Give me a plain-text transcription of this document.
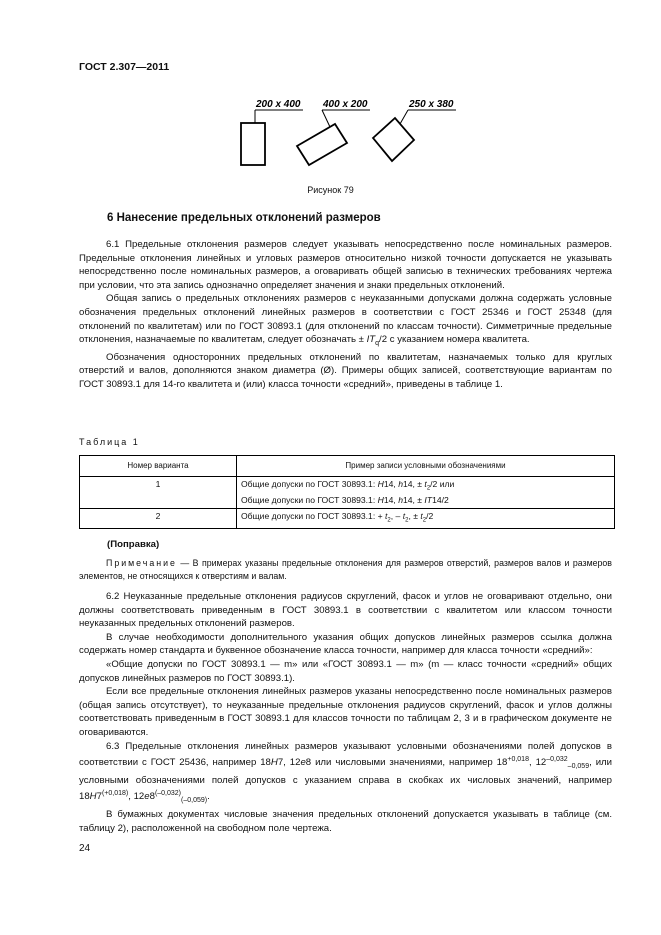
ГОСТ 2.307—2011
200 х 400 400 х 200	250 х 380
Рисунок 79
6 Нанесение предельных отклонений размеров

6.1 Предельные отклонения размеров следует указывать непосредственно после номинальных размеров. Предельные отклонения линейных и угловых размеров относительно низкой точности допускается не указывать непосредственно после номинальных размеров, а оговаривать общей записью в технических требованиях чертежа при условии, что эта запись однозначно определяет значения и знаки предельных отклонений.

Общая запись о предельных отклонениях размеров с неуказанными допусками должна содержать условные обозначения предельных отклонений линейных размеров в соответствии с ГОСТ 25346 и ГОСТ 25348 (для отклонений по квалитетам) или по ГОСТ 30893.1 (для отклонений по классам точности). Симметричные предельные отклонения, назначаемые по квалитетам, следует обозначать ± $IT_q/2$ с указанием номера квалитета.

Обозначения односторонних предельных отклонений по квалитетам, назначаемых только для круглых отверстий и валов, дополняются знаком диаметра (Ø). Примеры общих записей, соответствующие вариантам по ГОСТ 30893.1 для 14-го квалитета и (или) класса точности «средний», приведены в таблице 1.

Таблица 1
Номер варианта	Пример записи условными обозначениями
1	Общие допуски по ГОСТ 30893.1: H14, h14, ± $t_2/2$ или
Общие допуски по ГОСТ 30893.1: H14, h14, ± IT14/2
2	Общие допуски по ГОСТ 30893.1: + $t_2$, – $t_2$, ± $t_2/2$
(Поправка)
Примечание — В примерах указаны предельные отклонения для размеров отверстий, размеров валов и размеров элементов, не относящихся к отверстиям и валам.

6.2 Неуказанные предельные отклонения радиусов скруглений, фасок и углов не оговаривают отдельно, они должны соответствовать приведенным в ГОСТ 30893.1 в соответствии с квалитетом или классом точности неуказанных предельных отклонений размеров.

В случае необходимости дополнительного указания общих допусков линейных размеров ссылка должна содержать номер стандарта и буквенное обозначение класса точности, например для класса точности «средний»:

«Общие допуски по ГОСТ 30893.1 — m» или «ГОСТ 30893.1 — m» (m — класс точности «средний» общих допусков линейных размеров по ГОСТ 30893.1).

Если все предельные отклонения линейных размеров указаны непосредственно после номинальных размеров (общая запись отсутствует), то неуказанные предельные отклонения радиусов скруглений, фасок и углов должны соответствовать приведенным в ГОСТ 30893.1 для классов точности по таблицам 2, 3 и в графическом документе не оговариваются.

6.3 Предельные отклонения линейных размеров указывают условными обозначениями полей допусков в соответствии с ГОСТ 25436, например 18H7, 12e8 или числовыми значениями, например $18^{+0,018}$, $12^{-0,032}_{-0,059}$, или условными обозначениями полей допусков с указанием справа в скобках их числовых значений, например $18H7^{(+0,018)}$, $12e8^{(-0,032)}_{(-0,059)}$.

В бумажных документах числовые значения предельных отклонений допускается указывать в таблице (см. таблицу 2), расположенной на свободном поле чертежа.

24
